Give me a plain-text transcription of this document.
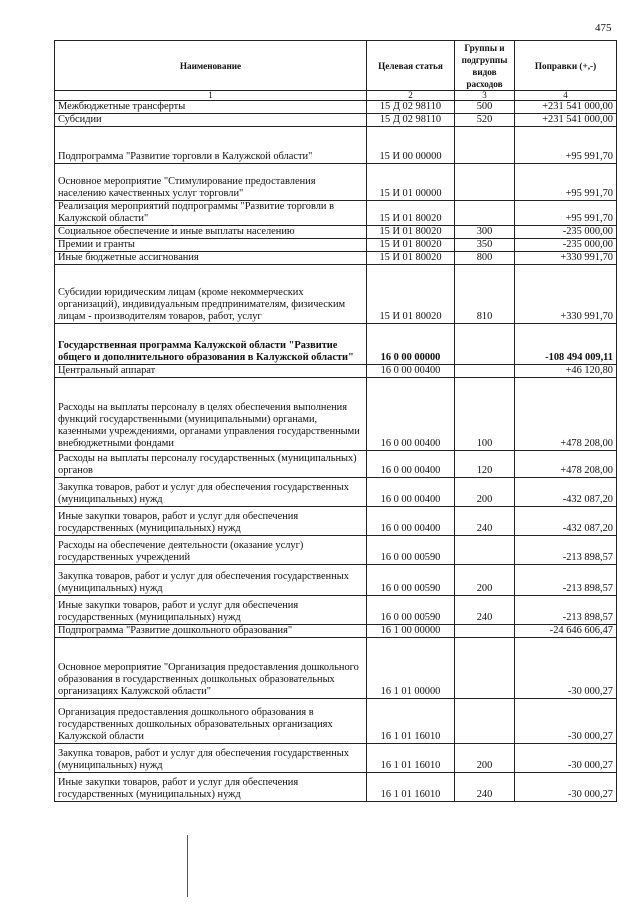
475
Наименование	Целевая статья	Группы и подгруппы видов расходов	Поправки (+,-)
1	2	3	4
Межбюджетные трансферты	15 Д 02 98110	500	+231 541 000,00
Субсидии	15 Д 02 98110	520	+231 541 000,00
Подпрограмма "Развитие торговли в Калужской области"	15 И 00 00000		+95 991,70
Основное мероприятие "Стимулирование предоставления населению качественных услуг торговли"	15 И 01 00000		+95 991,70
Реализация мероприятий подпрограммы "Развитие торговли в Калужской области"	15 И 01 80020		+95 991,70
Социальное обеспечение и иные выплаты населению	15 И 01 80020	300	-235 000,00
Премии и гранты	15 И 01 80020	350	-235 000,00
Иные бюджетные ассигнования	15 И 01 80020	800	+330 991,70
Субсидии юридическим лицам (кроме некоммерческих организаций), индивидуальным предпринимателям, физическим лицам - производителям товаров, работ, услуг	15 И 01 80020	810	+330 991,70
Государственная программа Калужской области "Развитие общего и дополнительного образования в Калужской области"	16 0 00 00000		-108 494 009,11
Центральный аппарат	16 0 00 00400		+46 120,80
Расходы на выплаты персоналу в целях обеспечения выполнения функций государственными (муниципальными) органами, казенными учреждениями, органами управления государственными внебюджетными фондами	16 0 00 00400	100	+478 208,00
Расходы на выплаты персоналу государственных (муниципальных) органов	16 0 00 00400	120	+478 208,00
Закупка товаров, работ и услуг для обеспечения государственных (муниципальных) нужд	16 0 00 00400	200	-432 087,20
Иные закупки товаров, работ и услуг для обеспечения государственных (муниципальных) нужд	16 0 00 00400	240	-432 087,20
Расходы на обеспечение деятельности (оказание услуг) государственных учреждений	16 0 00 00590		-213 898,57
Закупка товаров, работ и услуг для обеспечения государственных (муниципальных) нужд	16 0 00 00590	200	-213 898,57
Иные закупки товаров, работ и услуг для обеспечения государственных (муниципальных) нужд	16 0 00 00590	240	-213 898,57
Подпрограмма "Развитие дошкольного образования"	16 1 00 00000		-24 646 606,47
Основное мероприятие "Организация предоставления дошкольного образования в государственных дошкольных образовательных организациях Калужской области"	16 1 01 00000		-30 000,27
Организация предоставления дошкольного образования в государственных дошкольных образовательных организациях Калужской области	16 1 01 16010		-30 000,27
Закупка товаров, работ и услуг для обеспечения государственных (муниципальных) нужд	16 1 01 16010	200	-30 000,27
Иные закупки товаров, работ и услуг для обеспечения государственных (муниципальных) нужд	16 1 01 16010	240	-30 000,27
